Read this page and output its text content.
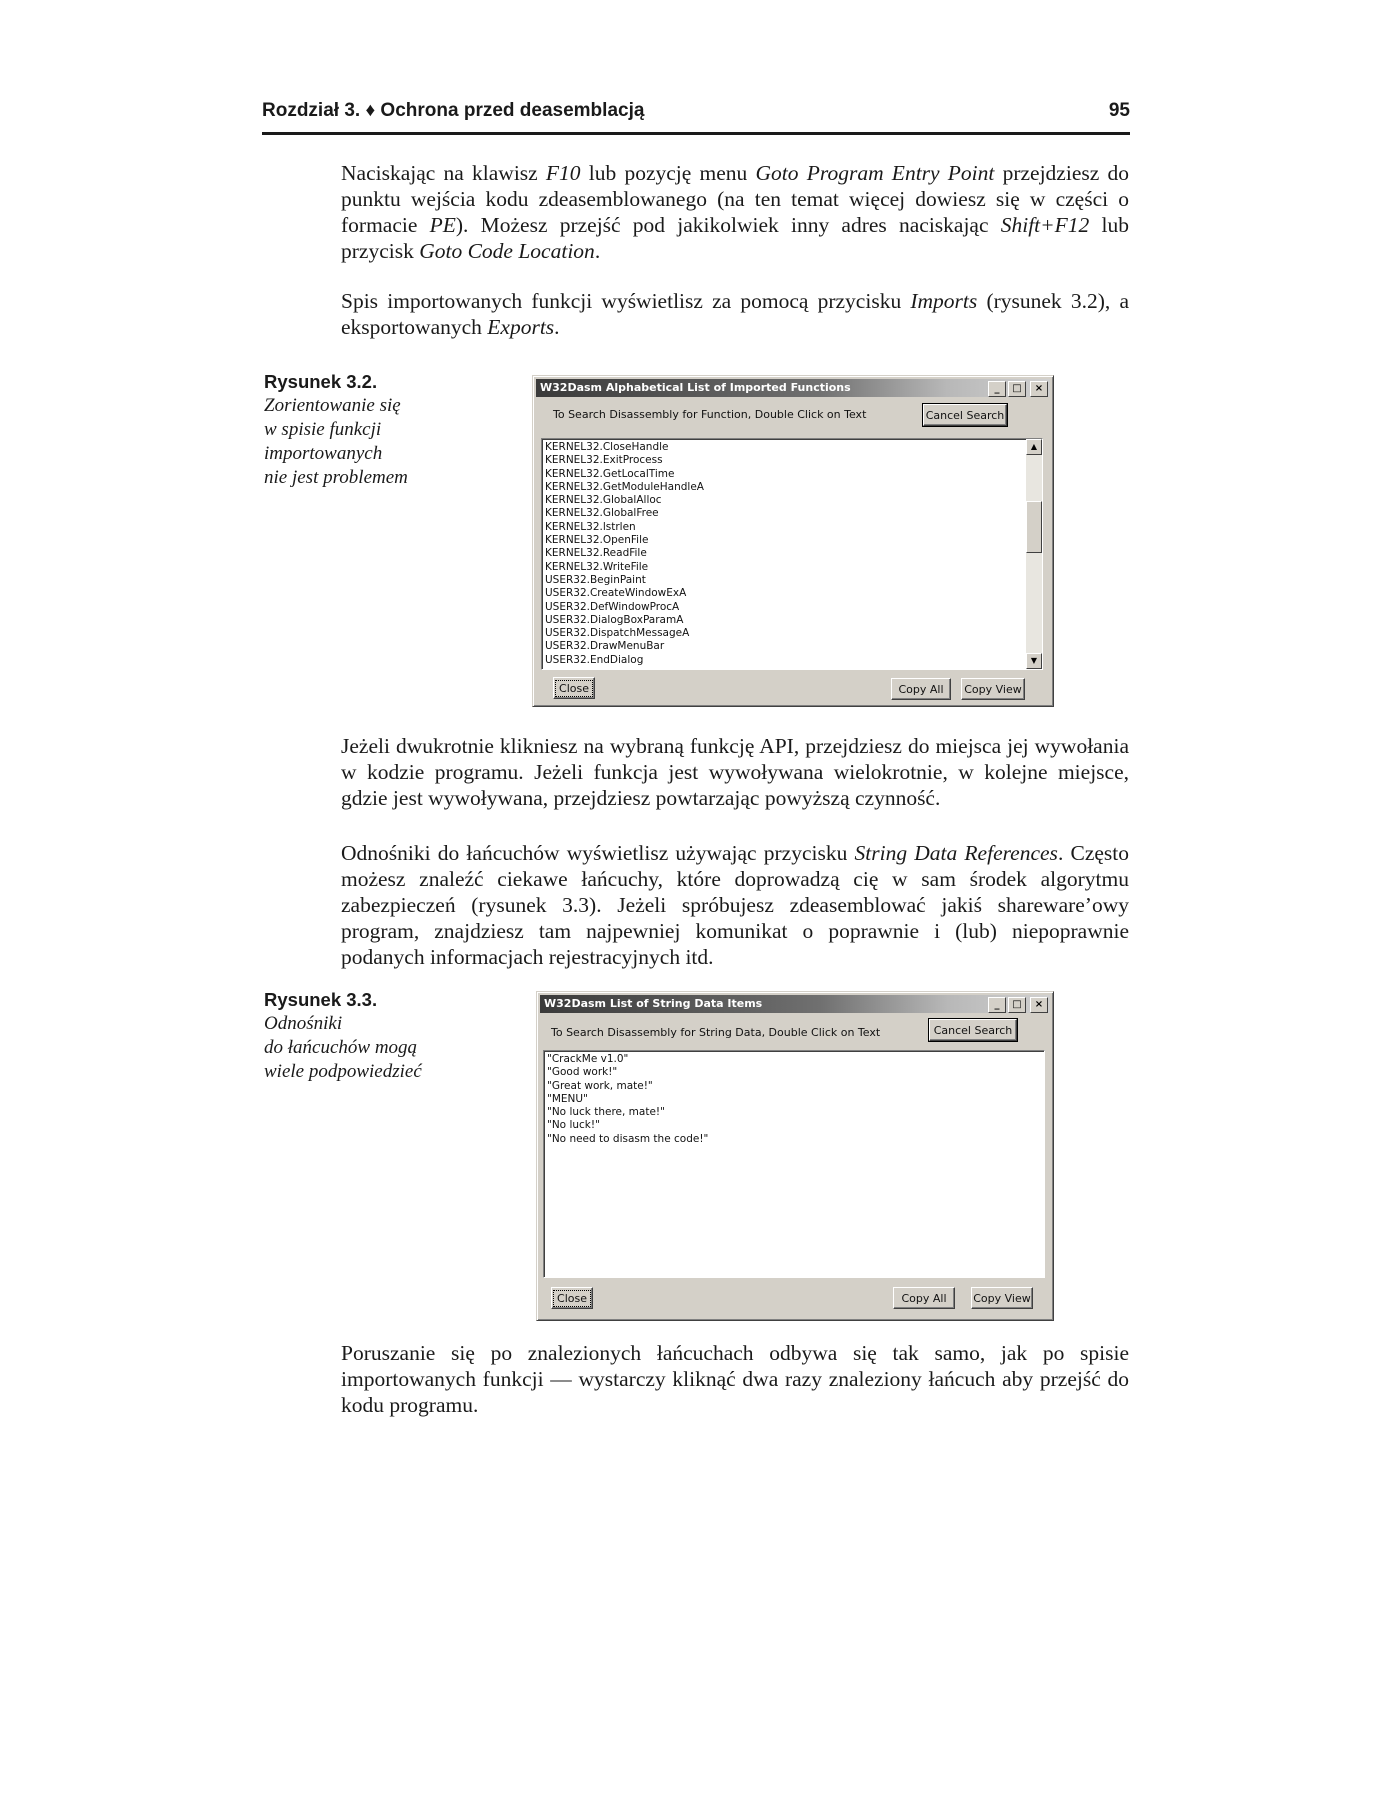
Rozdział 3. ♦ Ochrona przed deasemblacją	95

Naciskając na klawisz F10 lub pozycję menu Goto Program Entry Point przejdziesz do punktu wejścia kodu zdeasemblowanego (na ten temat więcej dowiesz się w części o formacie PE). Możesz przejść pod jakikolwiek inny adres naciskając Shift+F12 lub przycisk Goto Code Location.

Spis importowanych funkcji wyświetlisz za pomocą przycisku Imports (rysunek 3.2), a eksportowanych Exports.

Rysunek 3.2.
Zorientowanie się
w spisie funkcji
importowanych
nie jest problemem
W32Dasm Alphabetical List of Imported Functions	_	□	×
To Search Disassembly for Function, Double Click on Text	Cancel Search
KERNEL32.CloseHandle
KERNEL32.ExitProcess
KERNEL32.GetLocalTime
KERNEL32.GetModuleHandleA
KERNEL32.GlobalAlloc
KERNEL32.GlobalFree
KERNEL32.lstrlen
KERNEL32.OpenFile
KERNEL32.ReadFile
KERNEL32.WriteFile
USER32.BeginPaint
USER32.CreateWindowExA
USER32.DefWindowProcA
USER32.DialogBoxParamA
USER32.DispatchMessageA
USER32.DrawMenuBar
USER32.EndDialog
▲
▼
Close	Copy All	Copy View

Jeżeli dwukrotnie klikniesz na wybraną funkcję API, przejdziesz do miejsca jej wywołania w kodzie programu. Jeżeli funkcja jest wywoływana wielokrotnie, w kolejne miejsce, gdzie jest wywoływana, przejdziesz powtarzając powyższą czynność.

Odnośniki do łańcuchów wyświetlisz używając przycisku String Data References. Często możesz znaleźć ciekawe łańcuchy, które doprowadzą cię w sam środek algorytmu zabezpieczeń (rysunek 3.3). Jeżeli spróbujesz zdeasemblować jakiś shareware’owy program, znajdziesz tam najpewniej komunikat o poprawnie i (lub) niepoprawnie podanych informacjach rejestracyjnych itd.

Rysunek 3.3.
Odnośniki
do łańcuchów mogą
wiele podpowiedzieć
W32Dasm List of String Data Items	_	□	×
To Search Disassembly for String Data, Double Click on Text	Cancel Search
"CrackMe v1.0"
"Good work!"
"Great work, mate!"
"MENU"
"No luck there, mate!"
"No luck!"
"No need to disasm the code!"
Close	Copy All	Copy View

Poruszanie się po znalezionych łańcuchach odbywa się tak samo, jak po spisie importowanych funkcji — wystarczy kliknąć dwa razy znaleziony łańcuch aby przejść do kodu programu.
